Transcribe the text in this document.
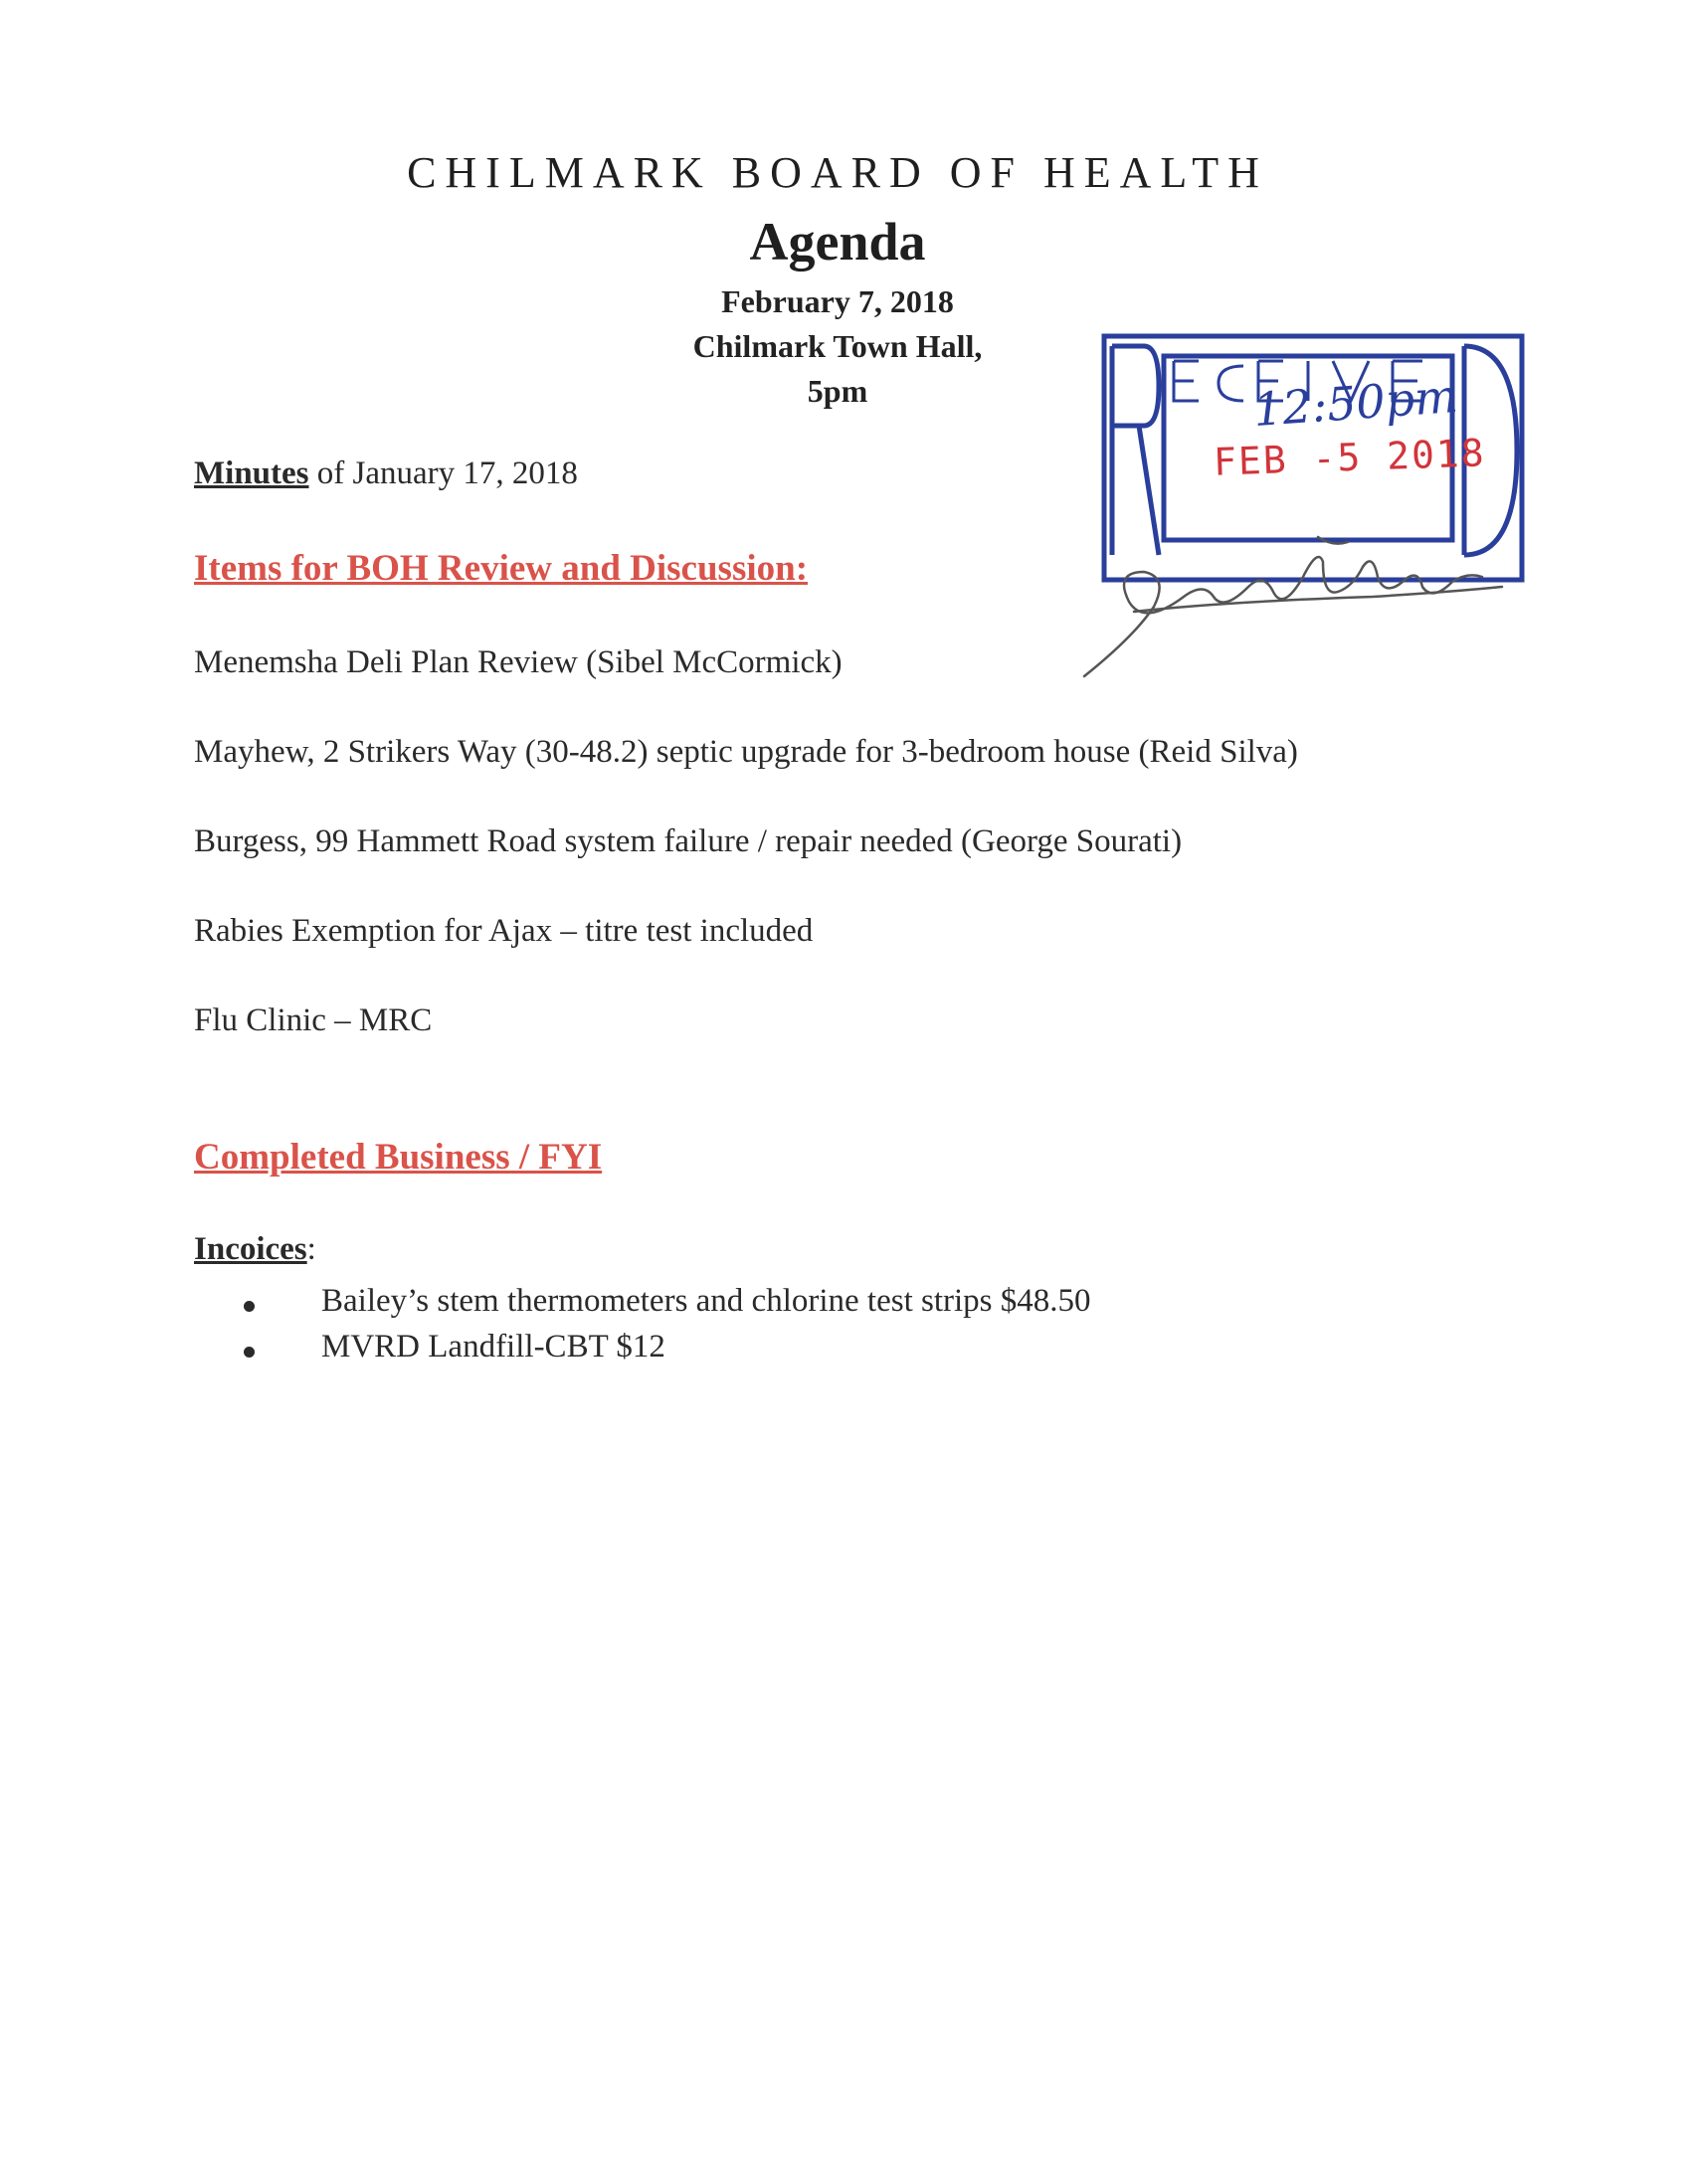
CHILMARK BOARD OF HEALTH
Agenda
February 7, 2018
Chilmark Town Hall,
5pm
Minutes of January 17, 2018
Items for BOH Review and Discussion:
Menemsha Deli Plan Review (Sibel McCormick)
Mayhew, 2 Strikers Way (30-48.2) septic upgrade for 3-bedroom house (Reid Silva)
Burgess, 99 Hammett Road system failure / repair needed (George Sourati)
Rabies Exemption for Ajax – titre test included
Flu Clinic – MRC
Completed Business / FYI
Incoices:
Bailey’s stem thermometers and chlorine test strips $48.50
MVRD Landfill-CBT $12
12:50pm
FEB -5 2018
